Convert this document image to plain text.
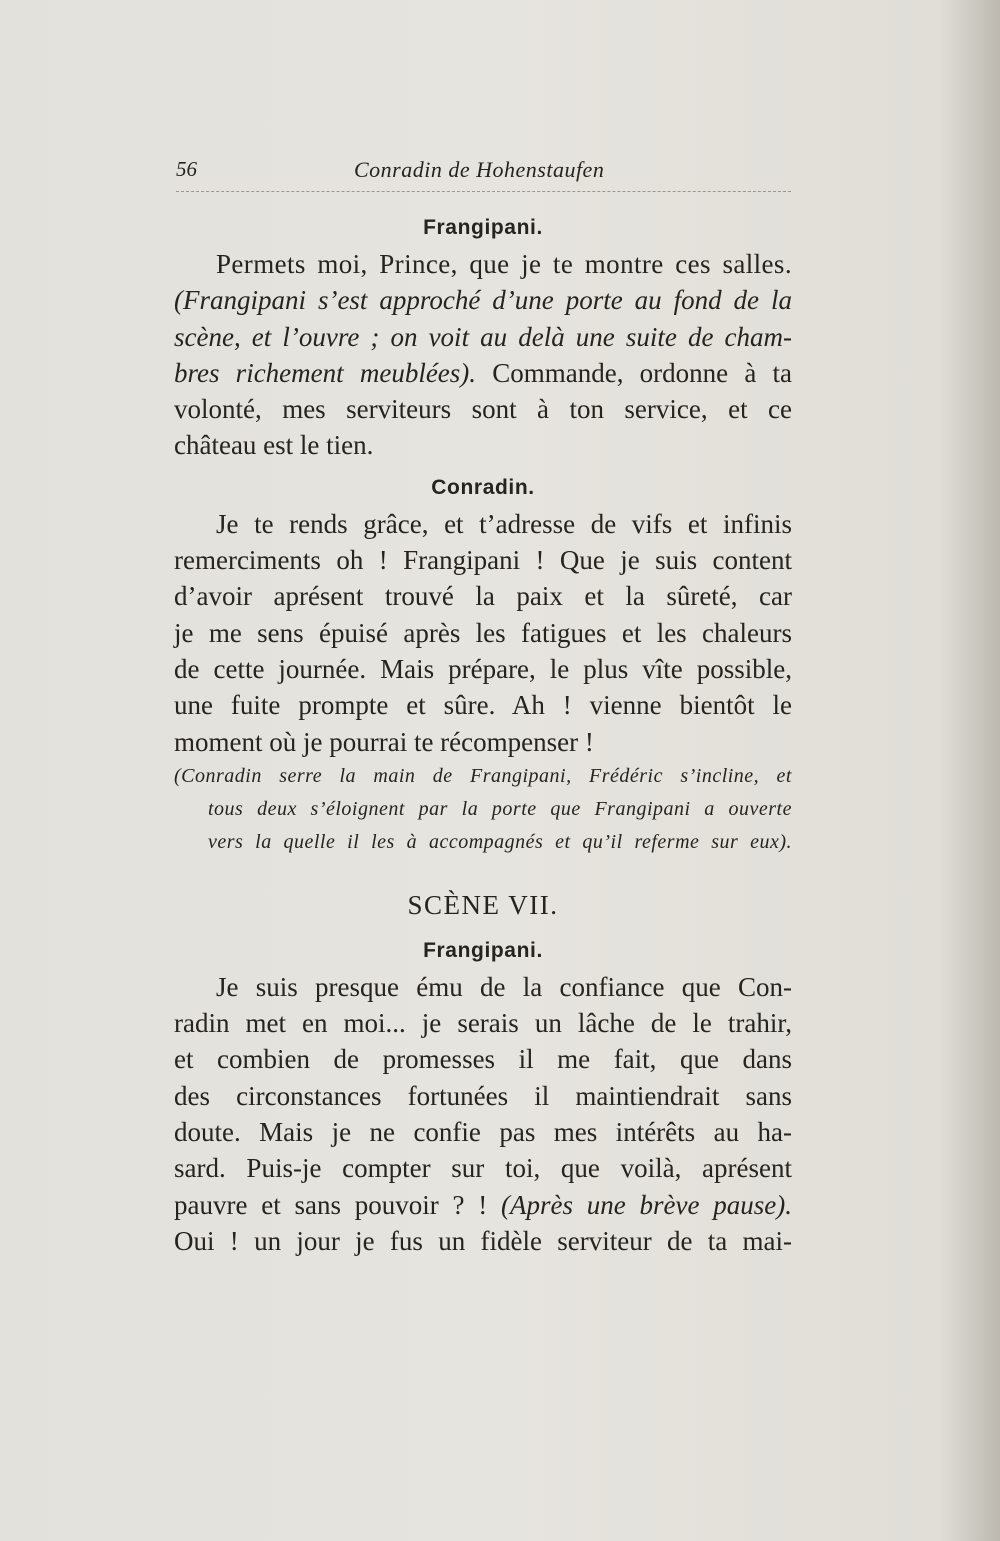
56	Conradin de Hohenstaufen
Frangipani.
Permets moi, Prince, que je te montre ces salles.
(Frangipani s’est approché d’une porte au fond de la
scène, et l’ouvre ; on voit au delà une suite de cham-
bres richement meublées). Commande, ordonne à ta
volonté, mes serviteurs sont à ton service, et ce
château est le tien.
Conradin.
Je te rends grâce, et t’adresse de vifs et infinis
remerciments oh ! Frangipani ! Que je suis content
d’avoir aprésent trouvé la paix et la sûreté, car
je me sens épuisé après les fatigues et les chaleurs
de cette journée. Mais prépare, le plus vîte possible,
une fuite prompte et sûre. Ah ! vienne bientôt le
moment où je pourrai te récompenser !
(Conradin serre la main de Frangipani, Frédéric s’incline, et
tous deux s’éloignent par la porte que Frangipani a ouverte
vers la quelle il les à accompagnés et qu’il referme sur eux).
SCÈNE VII.
Frangipani.
Je suis presque ému de la confiance que Con-
radin met en moi... je serais un lâche de le trahir,
et combien de promesses il me fait, que dans
des circonstances fortunées il maintiendrait sans
doute. Mais je ne confie pas mes intérêts au ha-
sard. Puis-je compter sur toi, que voilà, aprésent
pauvre et sans pouvoir ? ! (Après une brève pause).
Oui ! un jour je fus un fidèle serviteur de ta mai-
